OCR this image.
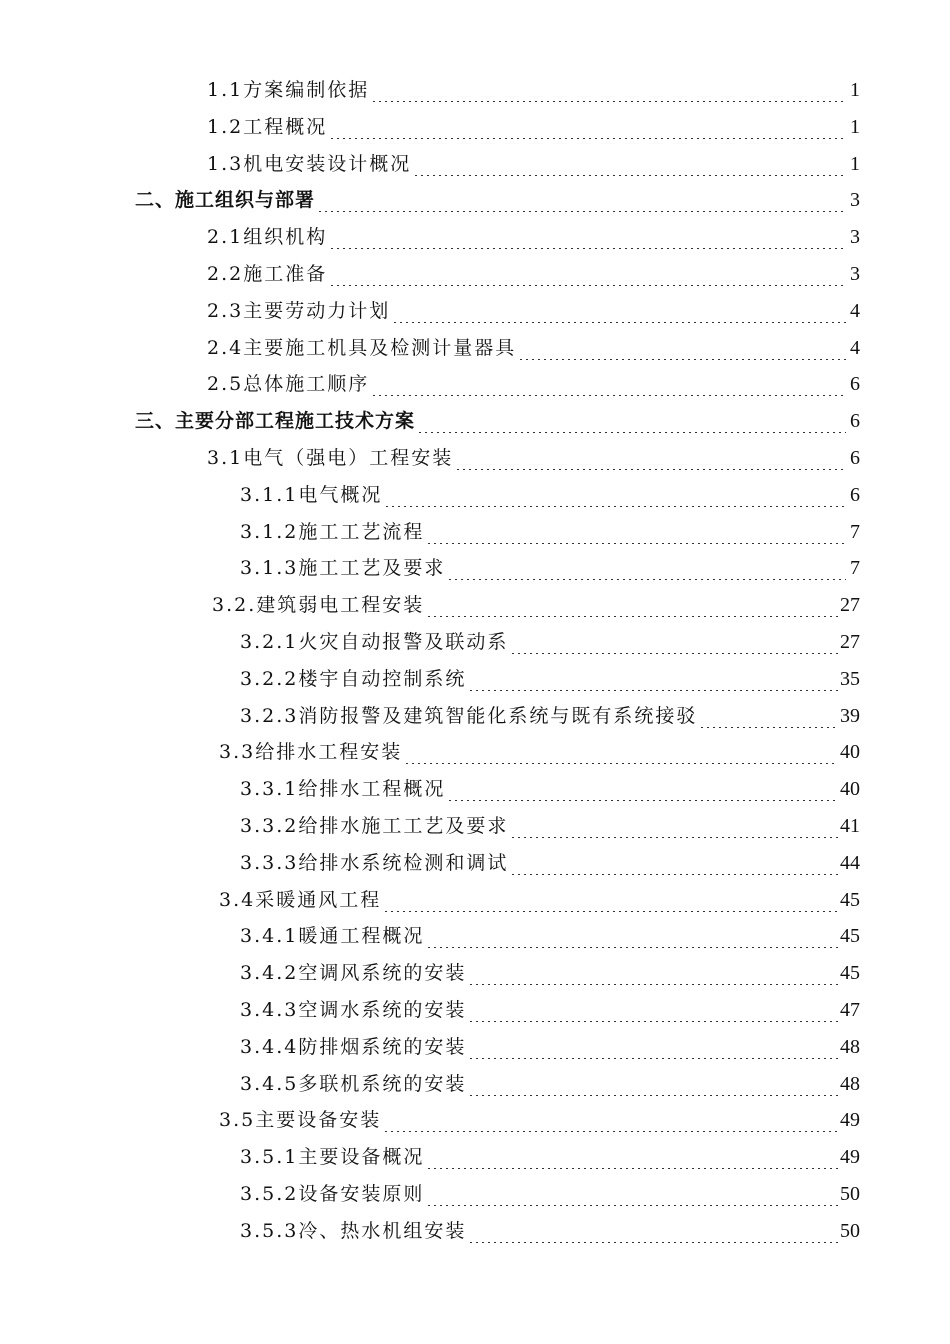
1.1方案编制依据	1
1.2工程概况	1
1.3机电安装设计概况	1
二、施工组织与部署	3
2.1组织机构	3
2.2施工准备	3
2.3主要劳动力计划	4
2.4主要施工机具及检测计量器具	4
2.5总体施工顺序	6
三、主要分部工程施工技术方案	6
3.1电气（强电）工程安装	6
3.1.1电气概况	6
3.1.2施工工艺流程	7
3.1.3施工工艺及要求	7
3.2.建筑弱电工程安装	27
3.2.1火灾自动报警及联动系	27
3.2.2楼宇自动控制系统	35
3.2.3消防报警及建筑智能化系统与既有系统接驳	39
3.3给排水工程安装	40
3.3.1给排水工程概况	40
3.3.2给排水施工工艺及要求	41
3.3.3给排水系统检测和调试	44
3.4采暖通风工程	45
3.4.1暖通工程概况	45
3.4.2空调风系统的安装	45
3.4.3空调水系统的安装	47
3.4.4防排烟系统的安装	48
3.4.5多联机系统的安装	48
3.5主要设备安装	49
3.5.1主要设备概况	49
3.5.2设备安装原则	50
3.5.3冷、热水机组安装	50
